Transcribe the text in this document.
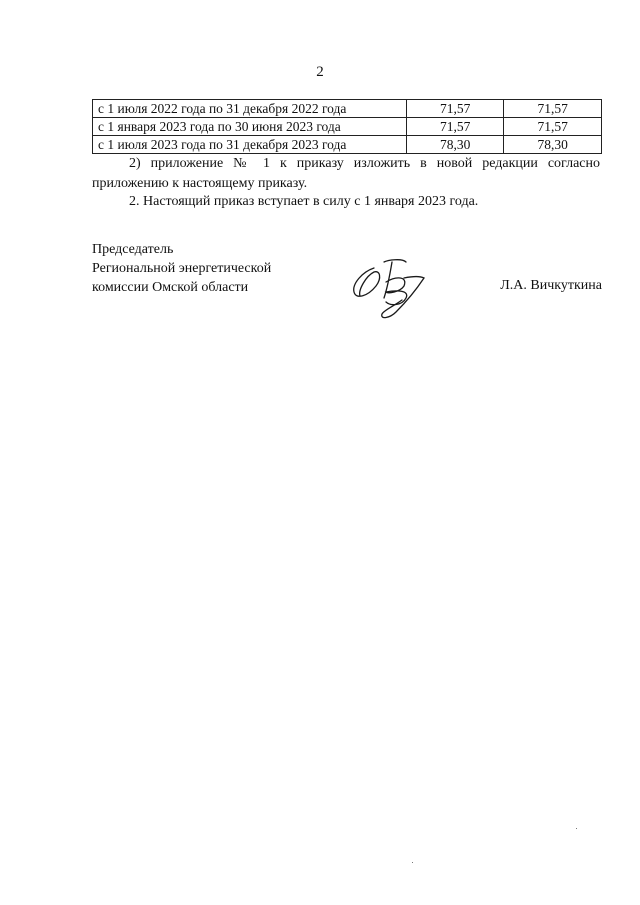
2
с 1 июля 2022 года по 31 декабря 2022 года	71,57	71,57
с 1 января 2023 года по 30 июня 2023 года	71,57	71,57
с 1 июля 2023 года по 31 декабря 2023 года	78,30	78,30
2) приложение № 1 к приказу изложить в новой редакции согласно приложению к настоящему приказу.
2. Настоящий приказ вступает в силу с 1 января 2023 года.
Председатель
Региональной энергетической
комиссии Омской области	Л.А. Вичкуткина
